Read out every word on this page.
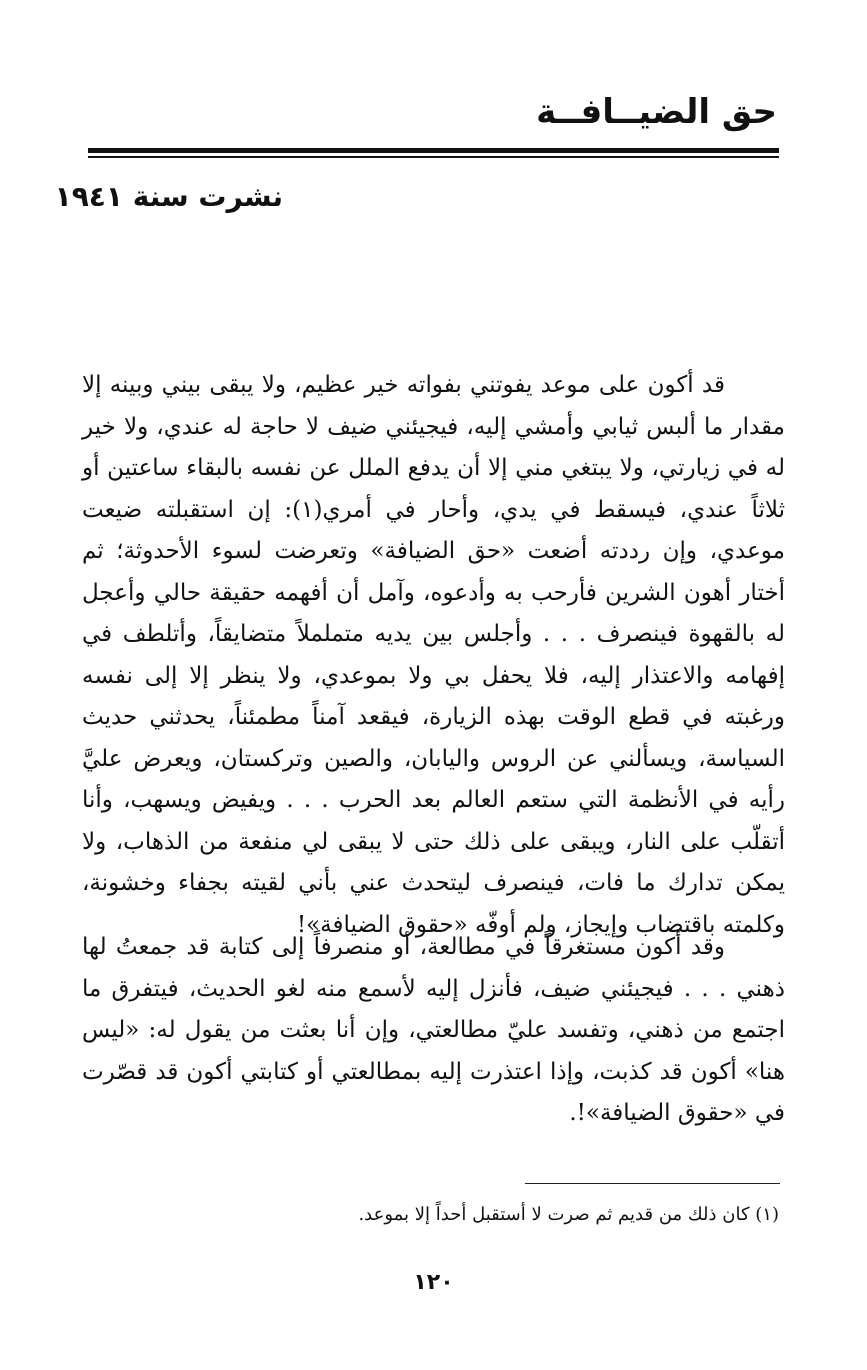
حق الضيــافــة
نشرت سنة ١٩٤١

قد أكون على موعد يفوتني بفواته خير عظيم، ولا يبقى بيني وبينه إلا مقدار ما ألبس ثيابي وأمشي إليه، فيجيئني ضيف لا حاجة له عندي، ولا خير له في زيارتي، ولا يبتغي مني إلا أن يدفع الملل عن نفسه بالبقاء ساعتين أو ثلاثاً عندي، فيسقط في يدي، وأحار في أمري(١): إن استقبلته ضيعت موعدي، وإن رددته أضعت «حق الضيافة» وتعرضت لسوء الأحدوثة؛ ثم أختار أهون الشرين فأرحب به وأدعوه، وآمل أن أفهمه حقيقة حالي وأعجل له بالقهوة فينصرف . . . وأجلس بين يديه متململاً متضايقاً، وأتلطف في إفهامه والاعتذار إليه، فلا يحفل بي ولا بموعدي، ولا ينظر إلا إلى نفسه ورغبته في قطع الوقت بهذه الزيارة، فيقعد آمناً مطمئناً، يحدثني حديث السياسة، ويسألني عن الروس واليابان، والصين وتركستان، ويعرض عليَّ رأيه في الأنظمة التي ستعم العالم بعد الحرب . . . ويفيض ويسهب، وأنا أتقلّب على النار، ويبقى على ذلك حتى لا يبقى لي منفعة من الذهاب، ولا يمكن تدارك ما فات، فينصرف ليتحدث عني بأني لقيته بجفاء وخشونة، وكلمته باقتضاب وإيجاز، ولم أوفّه «حقوق الضيافة»!

وقد أكون مستغرقاً في مطالعة، أو منصرفاً إلى كتابة قد جمعتُ لها ذهني . . . فيجيئني ضيف، فأنزل إليه لأسمع منه لغو الحديث، فيتفرق ما اجتمع من ذهني، وتفسد عليّ مطالعتي، وإن أنا بعثت من يقول له: «ليس هنا» أكون قد كذبت، وإذا اعتذرت إليه بمطالعتي أو كتابتي أكون قد قصّرت في «حقوق الضيافة»!.

(١) كان ذلك من قديم ثم صرت لا أستقبل أحداً إلا بموعد.
١٢٠
